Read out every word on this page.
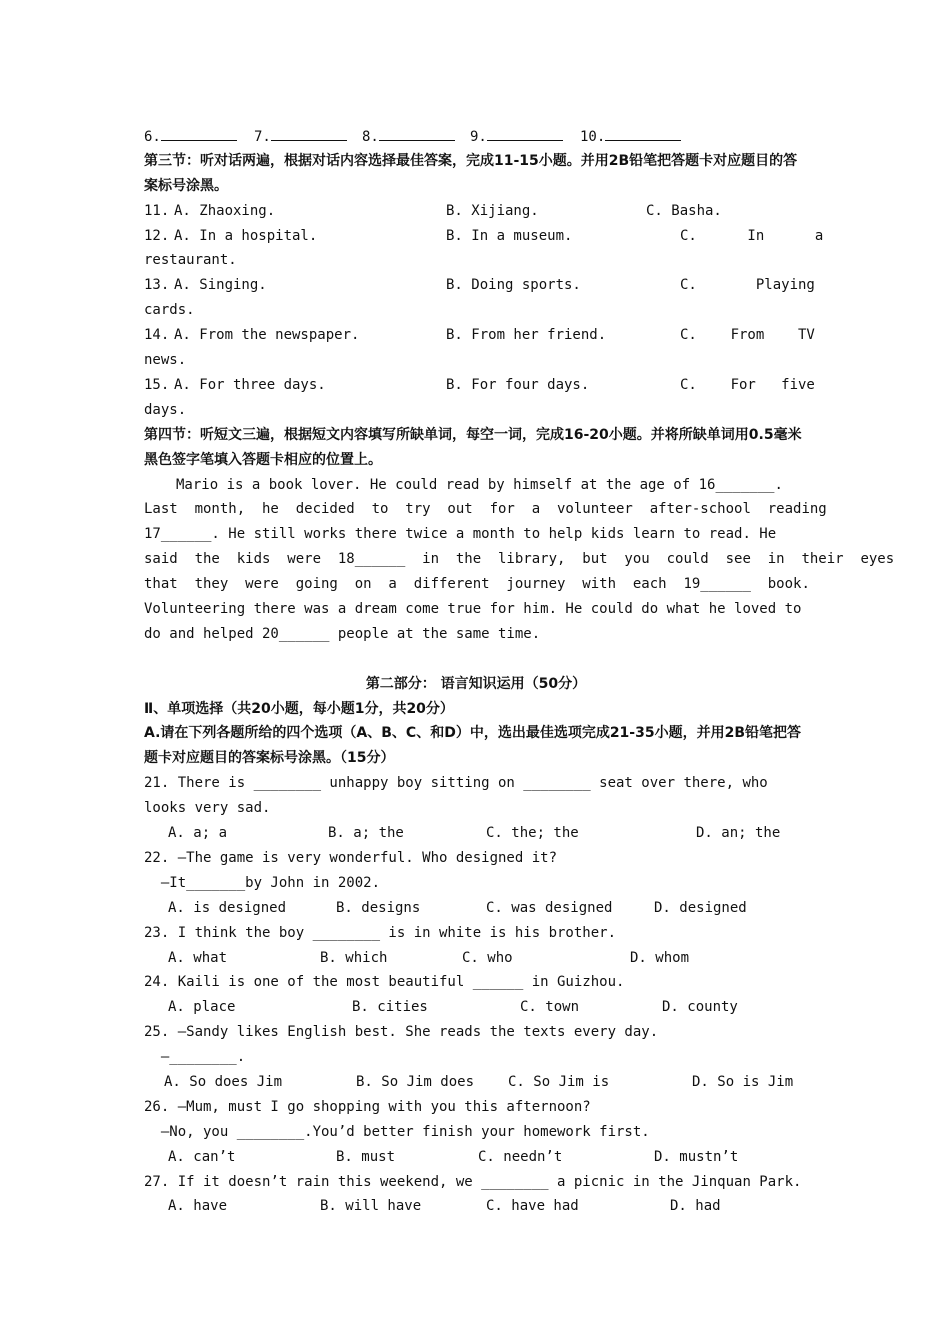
6.

	7.

	8.

	9.

	10.

第三节：听对话两遍，根据对话内容选择最佳答案，完成11-15小题。并用2B铅笔把答题卡对应题目的答案标号涂黑。
11. A. Zhaoxing.	B. Xijiang.	C. Basha.
12. A. In a hospital.	B. In a museum.	C.      In      a
restaurant.
13. A. Singing.	B. Doing sports.	C.       Playing
cards.
14. A. From the newspaper.	B. From her friend.	C.    From    TV
news.
15. A. For three days.	B. For four days.	C.    For   five
days.
第四节：听短文三遍，根据短文内容填写所缺单词，每空一词，完成16-20小题。并将所缺单词用0.5毫米黑色签字笔填入答题卡相应的位置上。
Mario is a book lover. He could read by himself at the age of 16_______.
Last  month,  he  decided  to  try  out  for  a  volunteer  after-school  reading
17______. He still works there twice a month to help kids learn to read. He
said  the  kids  were  18______  in  the  library,  but  you  could  see  in  their  eyes
that  they  were  going  on  a  different  journey  with  each  19______  book.
Volunteering there was a dream come true for him. He could do what he loved to
do and helped 20______ people at the same time.
第二部分： 语言知识运用（50分）
Ⅱ、单项选择（共20小题，每小题1分，共20分）
A.请在下列各题所给的四个选项（A、B、C、和D）中，选出最佳选项完成21-35小题，并用2B铅笔把答题卡对应题目的答案标号涂黑。（15分）
21. There is ________ unhappy boy sitting on ________ seat over there, who
looks very sad.
A. a; a	B. a; the	C. the; the	D. an; the
22. —The game is very wonderful. Who designed it?
—It_______by John in 2002.
A. is designed	B. designs	C. was designed	D. designed
23. I think the boy ________ is in white is his brother.
A. what	B. which	C. who	D. whom
24. Kaili is one of the most beautiful ______ in Guizhou.
A. place	B. cities	C. town	D. county
25. —Sandy likes English best. She reads the texts every day.
—________.
A. So does Jim	B. So Jim does C. So Jim is	D. So is Jim
26. —Mum, must I go shopping with you this afternoon?
—No, you ________.You’d better finish your homework first.
A. can’t	B. must	C. needn’t	D. mustn’t
27. If it doesn’t rain this weekend, we ________ a picnic in the Jinquan Park.
A. have	B. will have	C. have had	D. had
